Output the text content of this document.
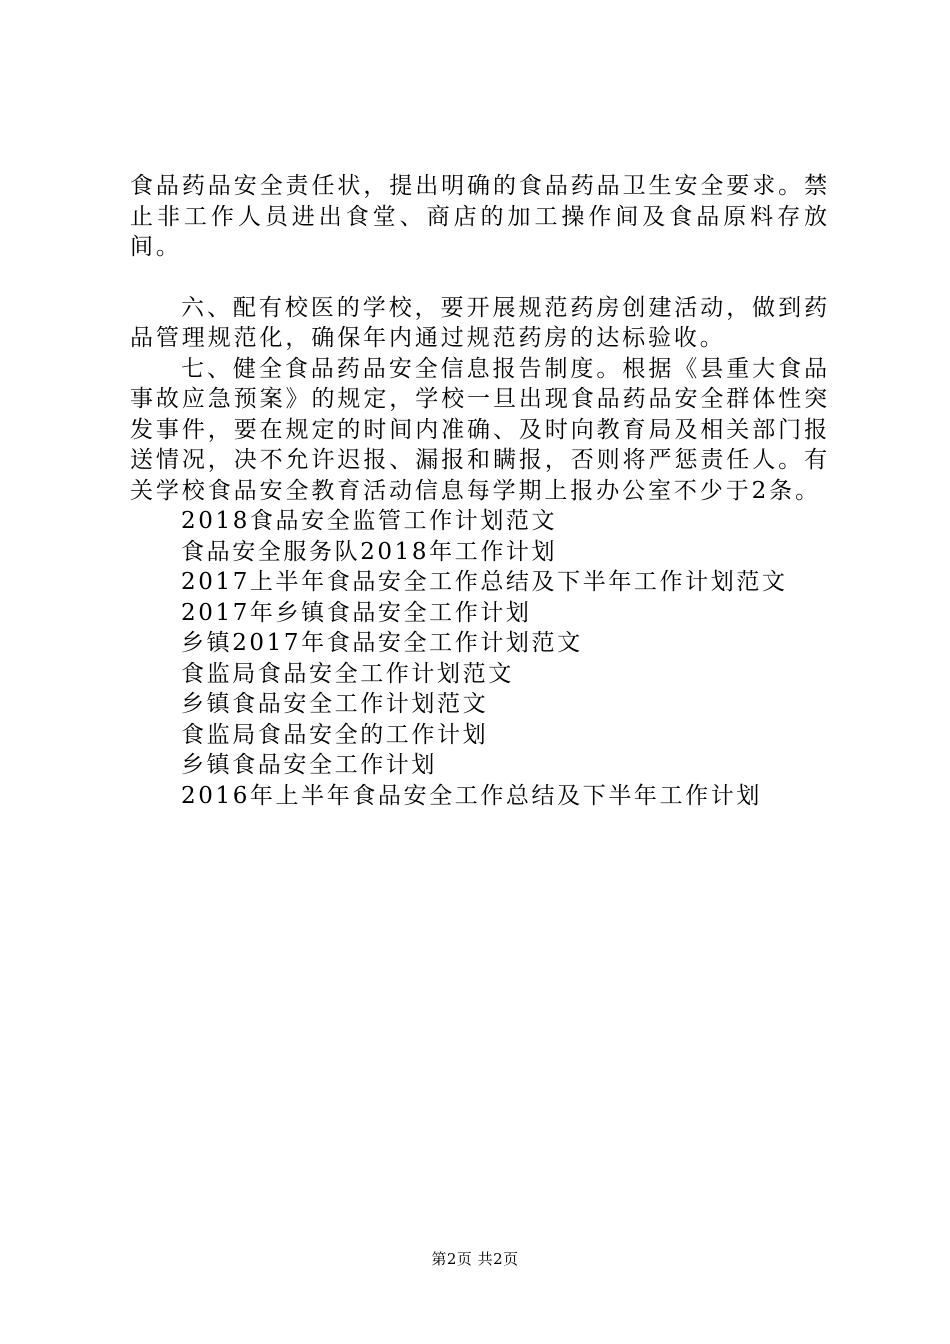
食品药品安全责任状，提出明确的食品药品卫生安全要求。禁止非工作人员进出食堂、商店的加工操作间及食品原料存放间。

六、配有校医的学校，要开展规范药房创建活动，做到药品管理规范化，确保年内通过规范药房的达标验收。

七、健全食品药品安全信息报告制度。根据《县重大食品事故应急预案》的规定，学校一旦出现食品药品安全群体性突发事件，要在规定的时间内准确、及时向教育局及相关部门报送情况，决不允许迟报、漏报和瞒报，否则将严惩责任人。有关学校食品安全教育活动信息每学期上报办公室不少于2条。

2018食品安全监管工作计划范文
食品安全服务队2018年工作计划
2017上半年食品安全工作总结及下半年工作计划范文
2017年乡镇食品安全工作计划
乡镇2017年食品安全工作计划范文
食监局食品安全工作计划范文
乡镇食品安全工作计划范文
食监局食品安全的工作计划
乡镇食品安全工作计划
2016年上半年食品安全工作总结及下半年工作计划
第2页 共2页
